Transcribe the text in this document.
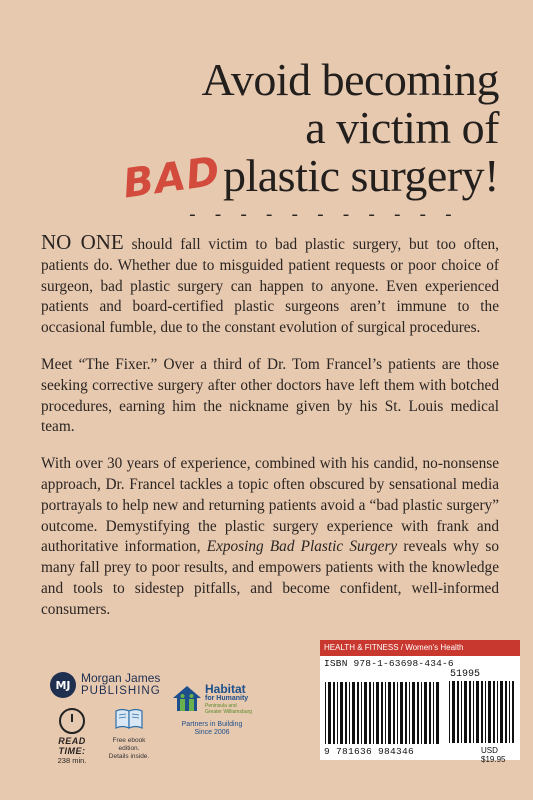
Avoid becoming
a victim of
BADplastic surgery!
- - - - - - - - - - -

NO ONE should fall victim to bad plastic surgery, but too often, patients do. Whether due to misguided patient requests or poor choice of surgeon, bad plastic surgery can happen to anyone. Even experienced patients and board-certified plastic surgeons aren’t immune to the occasional fumble, due to the constant evolution of surgical procedures.

Meet “The Fixer.” Over a third of Dr. Tom Francel’s patients are those seeking corrective surgery after other doctors have left them with botched procedures, earning him the nickname given by his St. Louis medical team.

With over 30 years of experience, combined with his candid, no-nonsense approach, Dr. Francel tackles a topic often obscured by sensational media portrayals to help new and returning patients avoid a “bad plastic surgery” outcome. Demystifying the plastic surgery experience with frank and authoritative information, Exposing Bad Plastic Surgery reveals why so many fall prey to poor results, and empowers patients with the knowledge and tools to sidestep pitfalls, and become confident, well-informed consumers.

MJ Morgan James
PUBLISHING
READ TIME:
238 min.
Free ebook edition.
Details inside.
Habitat
for Humanity
Peninsula and
Greater Williamsburg
Partners in Building
Since 2006
HEALTH & FITNESS / Women's Health
ISBN 978-1-63698-434-6
51995
9 781636 984346	USD $19.95
